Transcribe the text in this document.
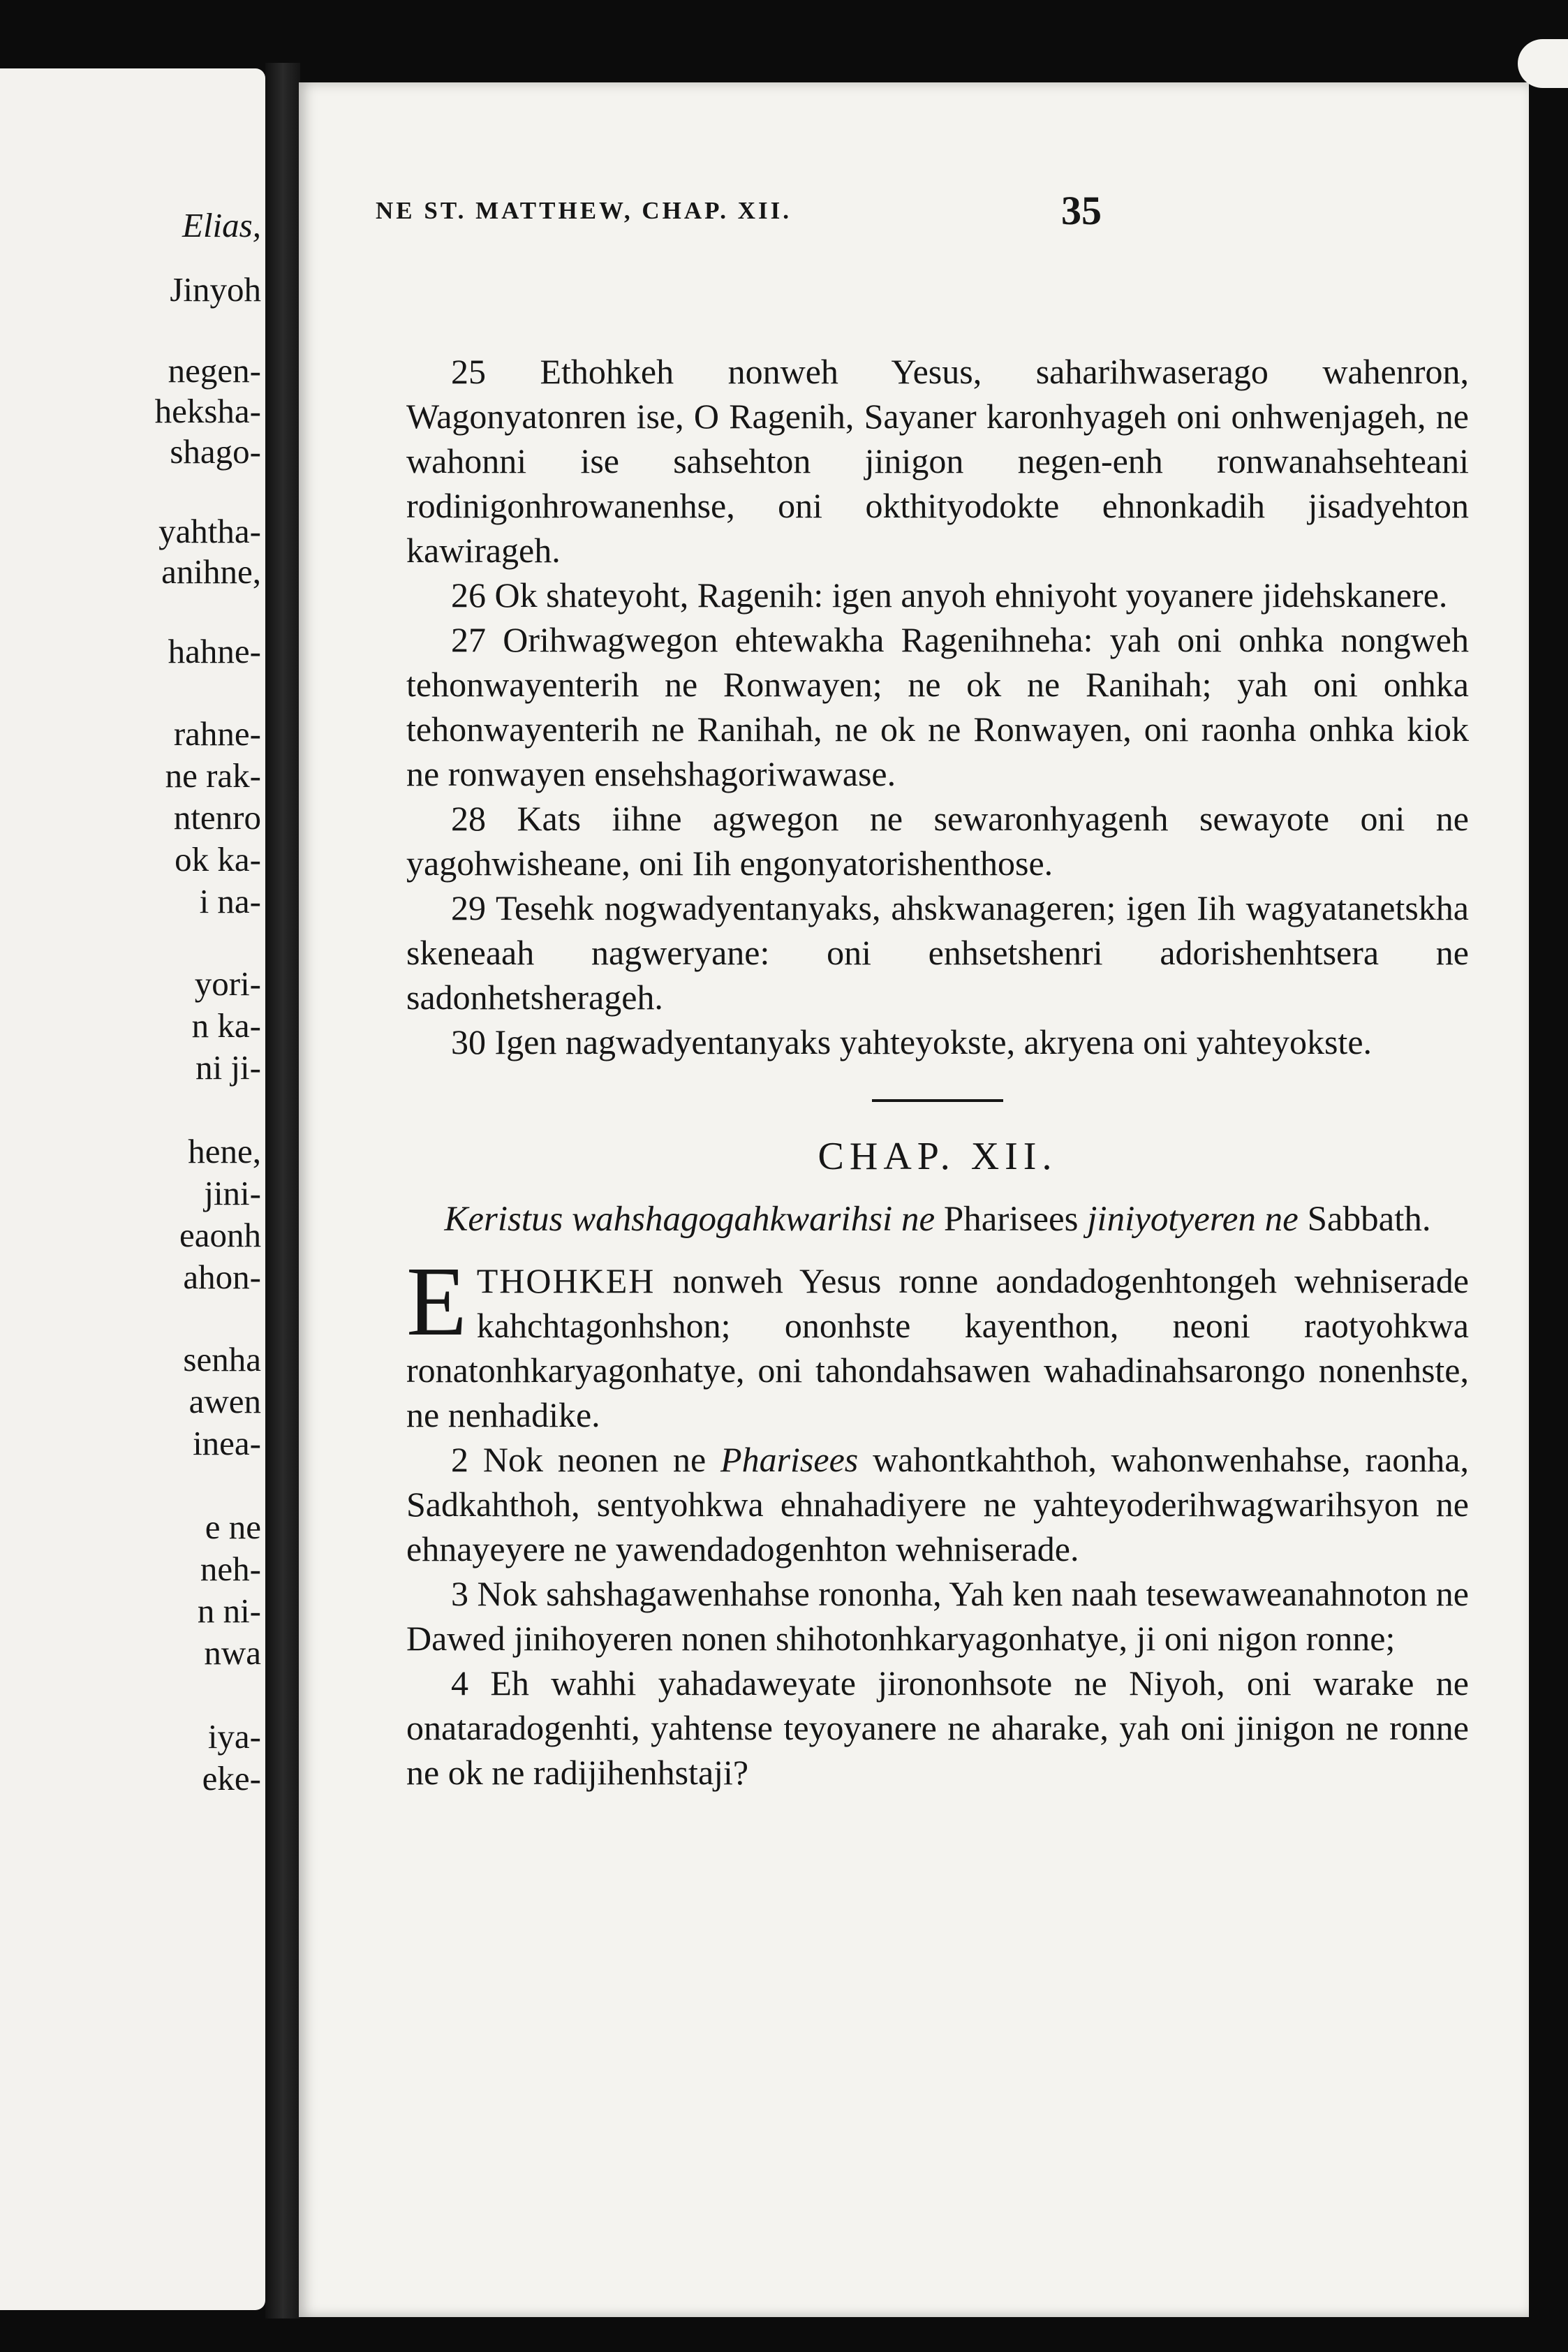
Elias,
Jinyoh
negen-
heksha-
shago-
yahtha-
anihne,
hahne-
rahne-
ne rak-
ntenro
ok ka-
i na-
yori-
n ka-
ni ji-
hene,
jini-
eaonh
ahon-
senha
awen
inea-
e ne
neh-
n ni-
nwa
iya-
eke-
NE ST. MATTHEW, CHAP. XII.	35

25 Ethohkeh nonweh Yesus, saharihwaserago wahenron, Wagonyatonren ise, O Ragenih, Sayaner karonhyageh oni onhwenjageh, ne wahonni ise sahsehton jinigon negen-enh ronwanahsehteani rodinigonhrowanenhse, oni okthityodokte ehnonkadih jisadyehton kawirageh.

26 Ok shateyoht, Ragenih: igen anyoh ehniyoht yoyanere jidehskanere.

27 Orihwagwegon ehtewakha Ragenihneha: yah oni onhka nongweh tehonwayenterih ne Ronwayen; ne ok ne Ranihah; yah oni onhka tehonwayenterih ne Ranihah, ne ok ne Ronwayen, oni raonha onhka kiok ne ronwayen ensehshagoriwawase.

28 Kats iihne agwegon ne sewaronhyagenh sewayote oni ne yagohwisheane, oni Iih engonyatorishenthose.

29 Tesehk nogwadyentanyaks, ahskwanageren; igen Iih wagyatanetskha skeneaah nagweryane: oni enhsetshenri adorishenhtsera ne sadonhetsherageh.

30 Igen nagwadyentanyaks yahteyokste, akryena oni yahteyokste.

CHAP. XII.

Keristus wahshagogahkwarihsi ne Pharisees jiniyotyeren ne Sabbath.

ETHOHKEH nonweh Yesus ronne aondadogenhtongeh wehniserade kahchtagonhshon; ononhste kayenthon, neoni raotyohkwa ronatonhkaryagonhatye, oni tahondahsawen wahadinahsarongo nonenhste, ne nenhadike.

2 Nok neonen ne Pharisees wahontkahthoh, wahonwenhahse, raonha, Sadkahthoh, sentyohkwa ehnahadiyere ne yahteyoderihwagwarihsyon ne ehnayeyere ne yawendadogenhton wehniserade.

3 Nok sahshagawenhahse rononha, Yah ken naah tesewaweanahnoton ne Dawed jinihoyeren nonen shihotonhkaryagonhatye, ji oni nigon ronne;

4 Eh wahhi yahadaweyate jirononhsote ne Niyoh, oni warake ne onataradogenhti, yahtense teyoyanere ne aharake, yah oni jinigon ne ronne ne ok ne radijihenhstaji?
